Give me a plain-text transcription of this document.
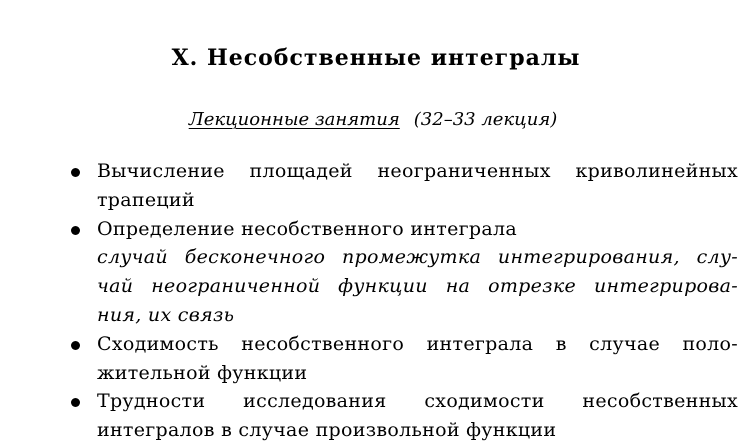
X. Несобственные интегралы
Лекционные занятия (32–33 лекция)
Вычисление площадей неограниченных криволинейных
трапеций
Определение несобственного интеграла
случай бесконечного промежутка интегрирования, слу-
чай неограниченной функции на отрезке интегрирова-
ния, их связь
Сходимость несобственного интеграла в случае поло-
жительной функции
Трудности исследования сходимости несобственных
интегралов в случае произвольной функции
